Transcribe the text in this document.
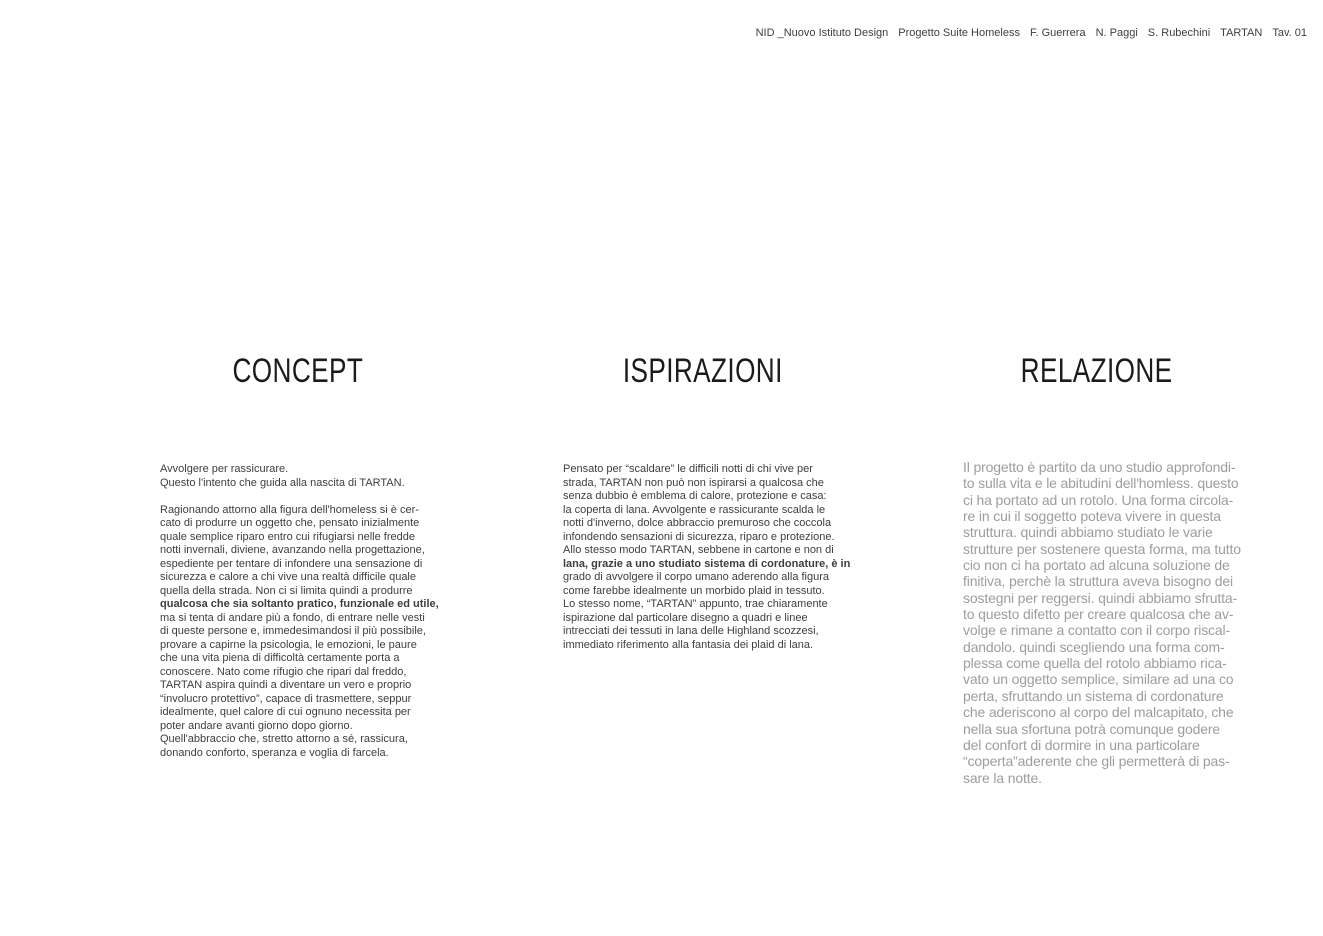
NID _Nuovo Istituto Design Progetto Suite Homeless F. Guerrera N. Paggi S. Rubechini TARTAN Tav. 01
CONCEPT	ISPIRAZIONI	RELAZIONE
Avvolgere per rassicurare.
Questo l'intento che guida alla nascita di TARTAN.

Ragionando attorno alla figura dell'homeless si è cer-
cato di produrre un oggetto che, pensato inizialmente
quale semplice riparo entro cui rifugiarsi nelle fredde
notti invernali, diviene, avanzando nella progettazione,
espediente per tentare di infondere una sensazione di
sicurezza e calore a chi vive una realtà difficile quale
quella della strada. Non ci si limita quindi a produrre
qualcosa che sia soltanto pratico, funzionale ed utile,
ma si tenta di andare più a fondo, di entrare nelle vesti
di queste persone e, immedesimandosi il più possibile,
provare a capirne la psicologia, le emozioni, le paure
che una vita piena di difficoltà certamente porta a
conoscere. Nato come rifugio che ripari dal freddo,
TARTAN aspira quindi a diventare un vero e proprio
“involucro protettivo”, capace di trasmettere, seppur
idealmente, quel calore di cui ognuno necessita per
poter andare avanti giorno dopo giorno.
Quell'abbraccio che, stretto attorno a sé, rassicura,
donando conforto, speranza e voglia di farcela.
Pensato per “scaldare” le difficili notti di chi vive per
strada, TARTAN non può non ispirarsi a qualcosa che
senza dubbio è emblema di calore, protezione e casa:
la coperta di lana. Avvolgente e rassicurante scalda le
notti d'inverno, dolce abbraccio premuroso che coccola
infondendo sensazioni di sicurezza, riparo e protezione.
Allo stesso modo TARTAN, sebbene in cartone e non di
lana, grazie a uno studiato sistema di cordonature, è in
grado di avvolgere il corpo umano aderendo alla figura
come farebbe idealmente un morbido plaid in tessuto.
Lo stesso nome, “TARTAN” appunto, trae chiaramente
ispirazione dal particolare disegno a quadri e linee
intrecciati dei tessuti in lana delle Highland scozzesi,
immediato riferimento alla fantasia dei plaid di lana.
Il progetto è partito da uno studio approfondi-
to sulla vita e le abitudini dell'homless. questo
ci ha portato ad un rotolo. Una forma circola-
re in cui il soggetto poteva vivere in questa
struttura. quindi abbiamo studiato le varie
strutture per sostenere questa forma, ma tutto
cio non ci ha portato ad alcuna soluzione de
finitiva, perchè la struttura aveva bisogno dei
sostegni per reggersi. quindi abbiamo sfrutta-
to questo difetto per creare qualcosa che av-
volge e rimane a contatto con il corpo riscal-
dandolo. quindi scegliendo una forma com-
plessa come quella del rotolo abbiamo rica-
vato un oggetto semplice, similare ad una co
perta, sfruttando un sistema di cordonature
che aderiscono al corpo del malcapitato, che
nella sua sfortuna potrà comunque godere
del confort di dormire in una particolare
“coperta”aderente che gli permetterà di pas-
sare la notte.
